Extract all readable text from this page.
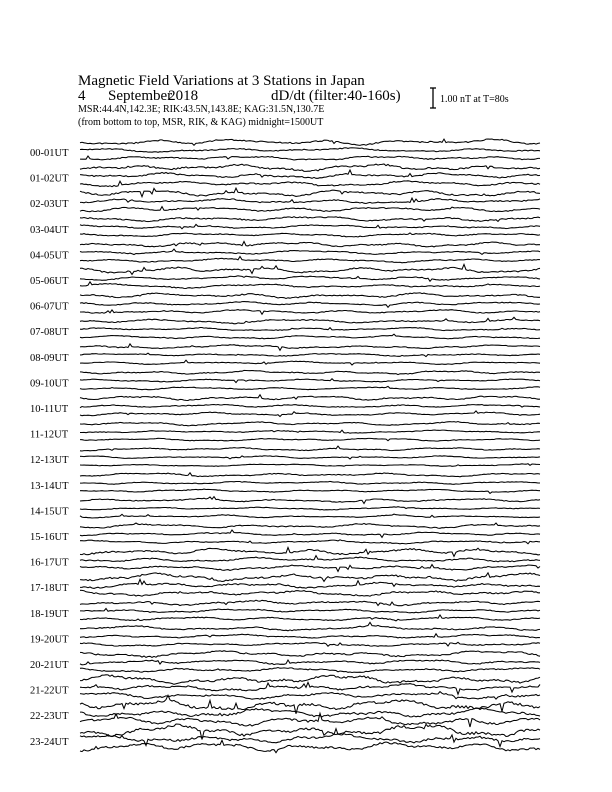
Magnetic Field Variations at 3 Stations in Japan
4 September2018	dD/dt (filter:40-160s)
MSR:44.4N,142.3E; RIK:43.5N,143.8E; KAG:31.5N,130.7E
(from bottom to top, MSR, RIK, & KAG) midnight=1500UT
1.00 nT at T=80s
00-01UT
01-02UT
02-03UT
03-04UT
04-05UT
05-06UT
06-07UT
07-08UT
08-09UT
09-10UT
10-11UT
11-12UT
12-13UT
13-14UT
14-15UT
15-16UT
16-17UT
17-18UT
18-19UT
19-20UT
20-21UT
21-22UT
22-23UT
23-24UT
